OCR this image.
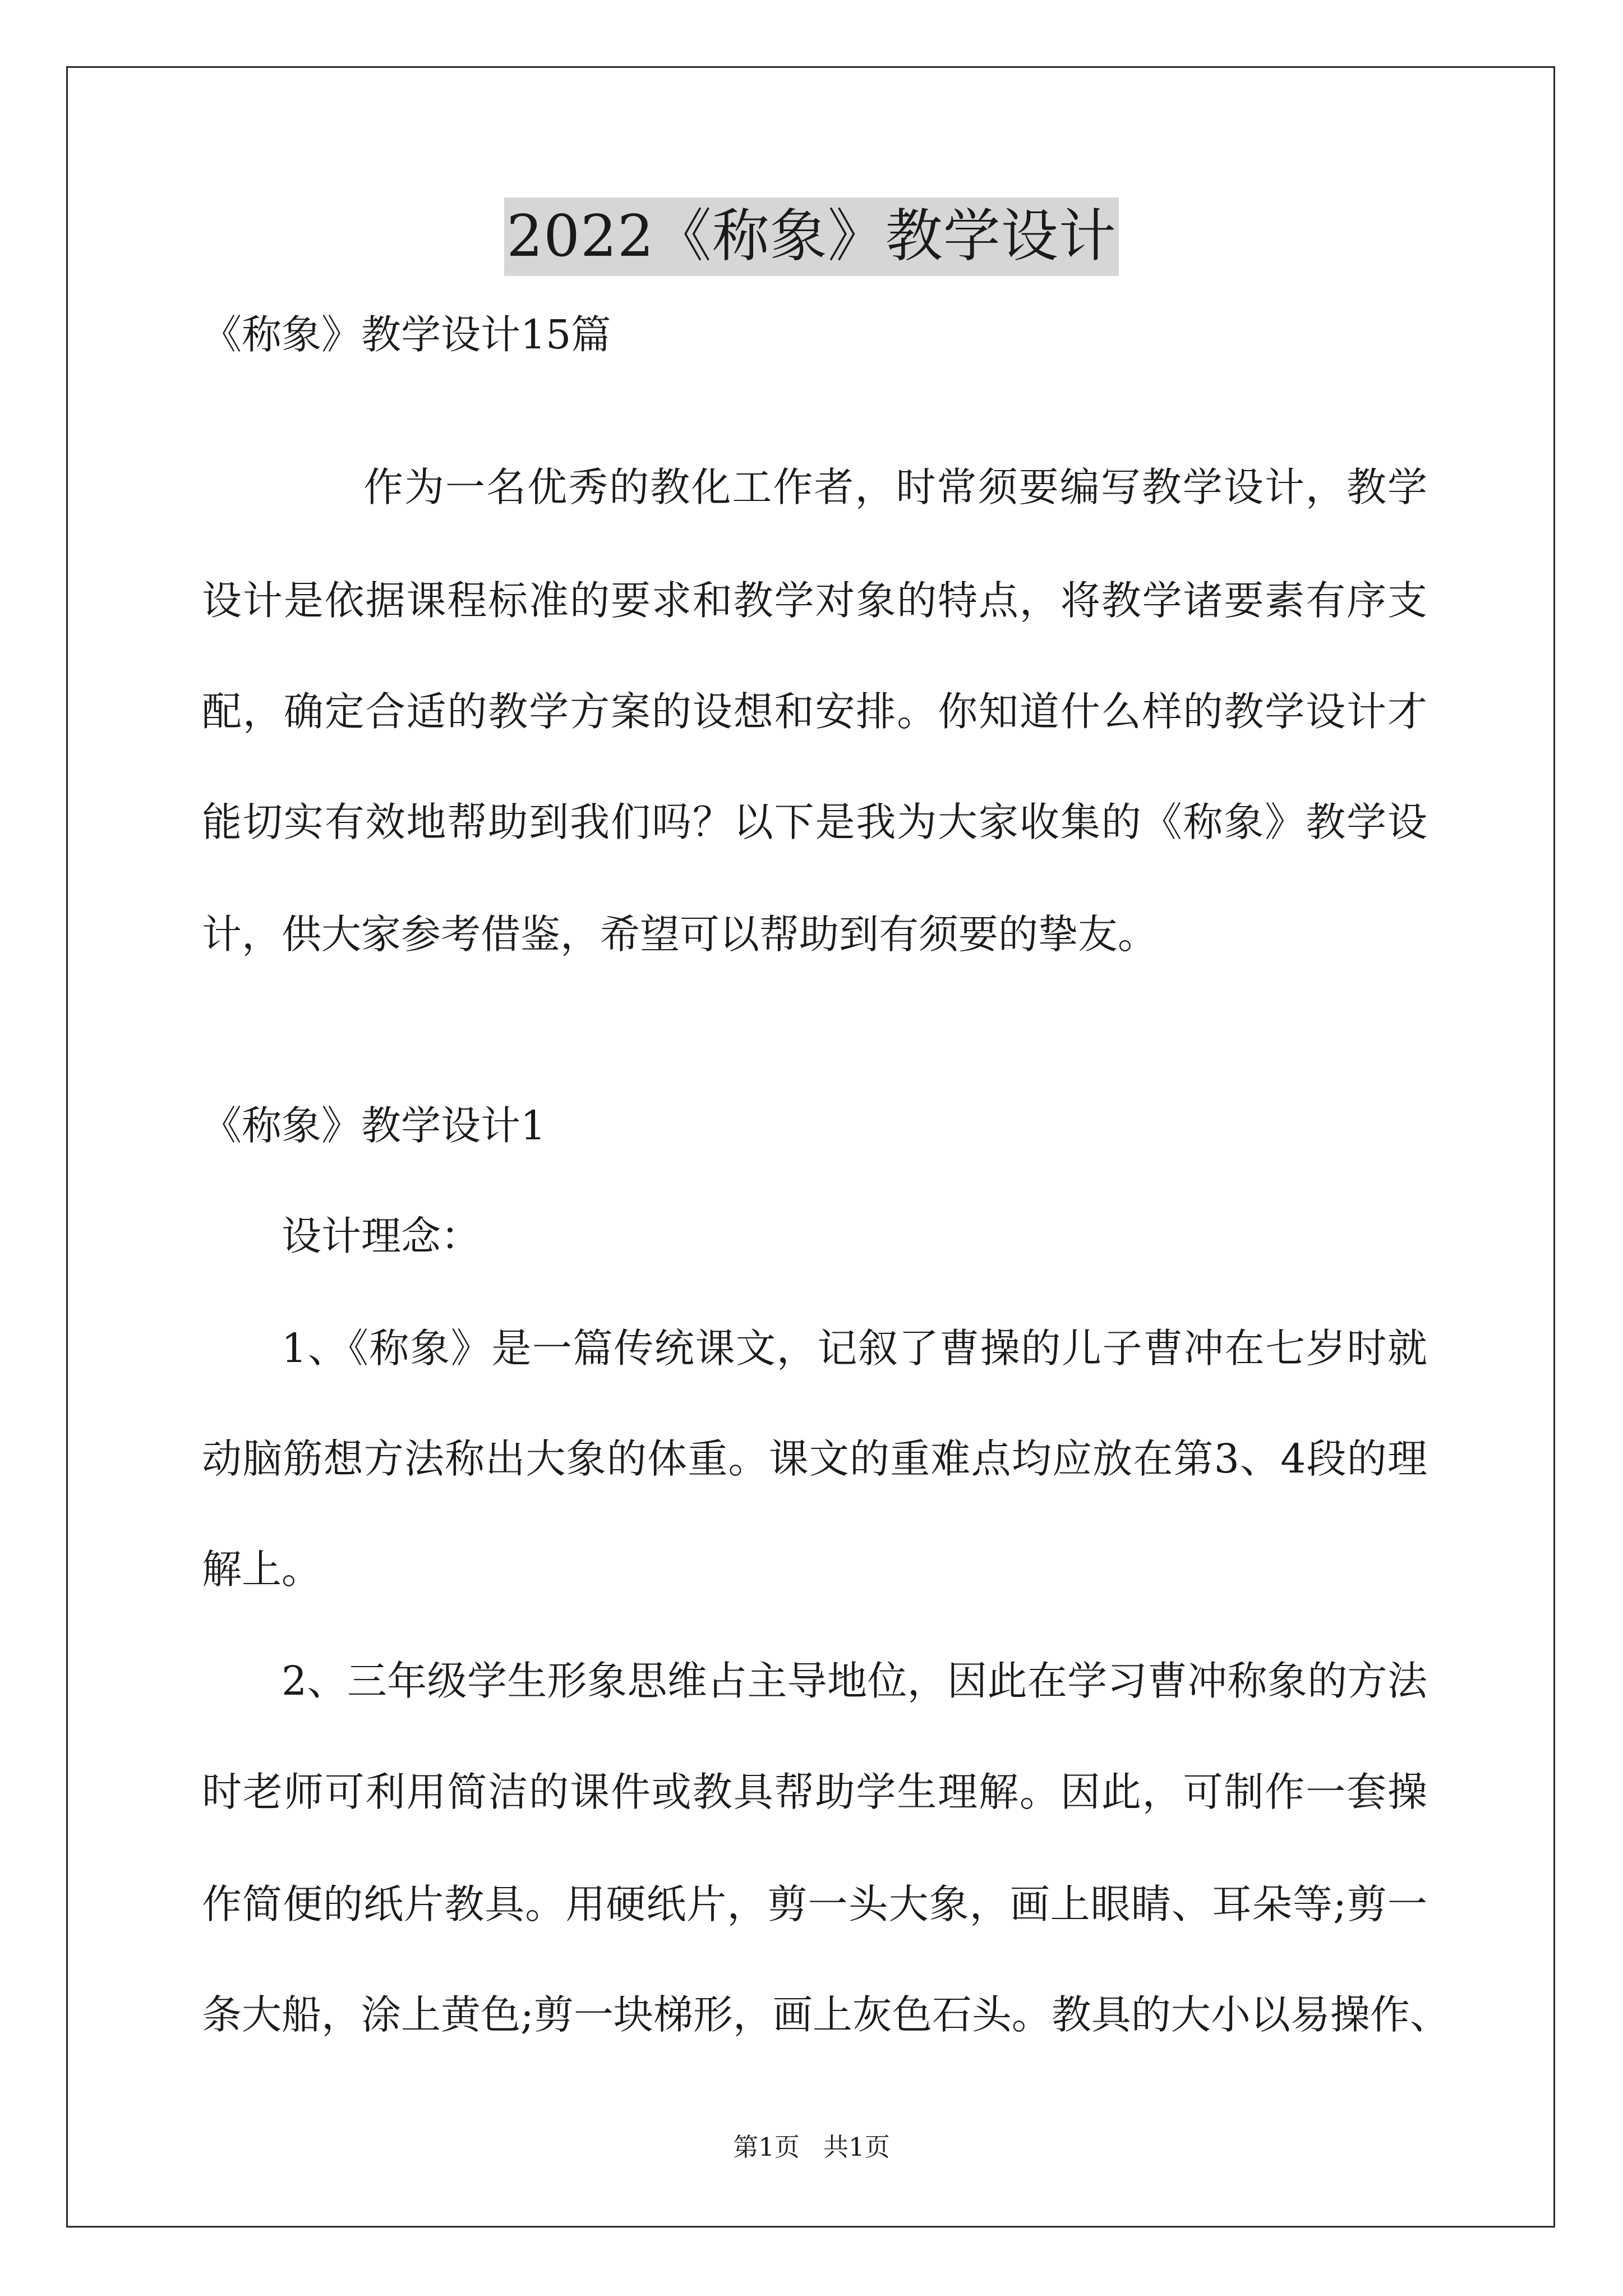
2022《称象》教学设计
《称象》教学设计15篇
作为一名优秀的教化工作者，时常须要编写教学设计，教学
设计是依据课程标准的要求和教学对象的特点，将教学诸要素有序支
配，确定合适的教学方案的设想和安排。你知道什么样的教学设计才
能切实有效地帮助到我们吗？以下是我为大家收集的《称象》教学设
计，供大家参考借鉴，希望可以帮助到有须要的挚友。
《称象》教学设计1
设计理念：
1、《称象》是一篇传统课文，记叙了曹操的儿子曹冲在七岁时就
动脑筋想方法称出大象的体重。课文的重难点均应放在第3、4段的理
解上。
2、三年级学生形象思维占主导地位，因此在学习曹冲称象的方法
时老师可利用简洁的课件或教具帮助学生理解。因此，可制作一套操
作简便的纸片教具。用硬纸片，剪一头大象，画上眼睛、耳朵等;剪一
条大船，涂上黄色;剪一块梯形，画上灰色石头。教具的大小以易操作、
第1页 共1页
